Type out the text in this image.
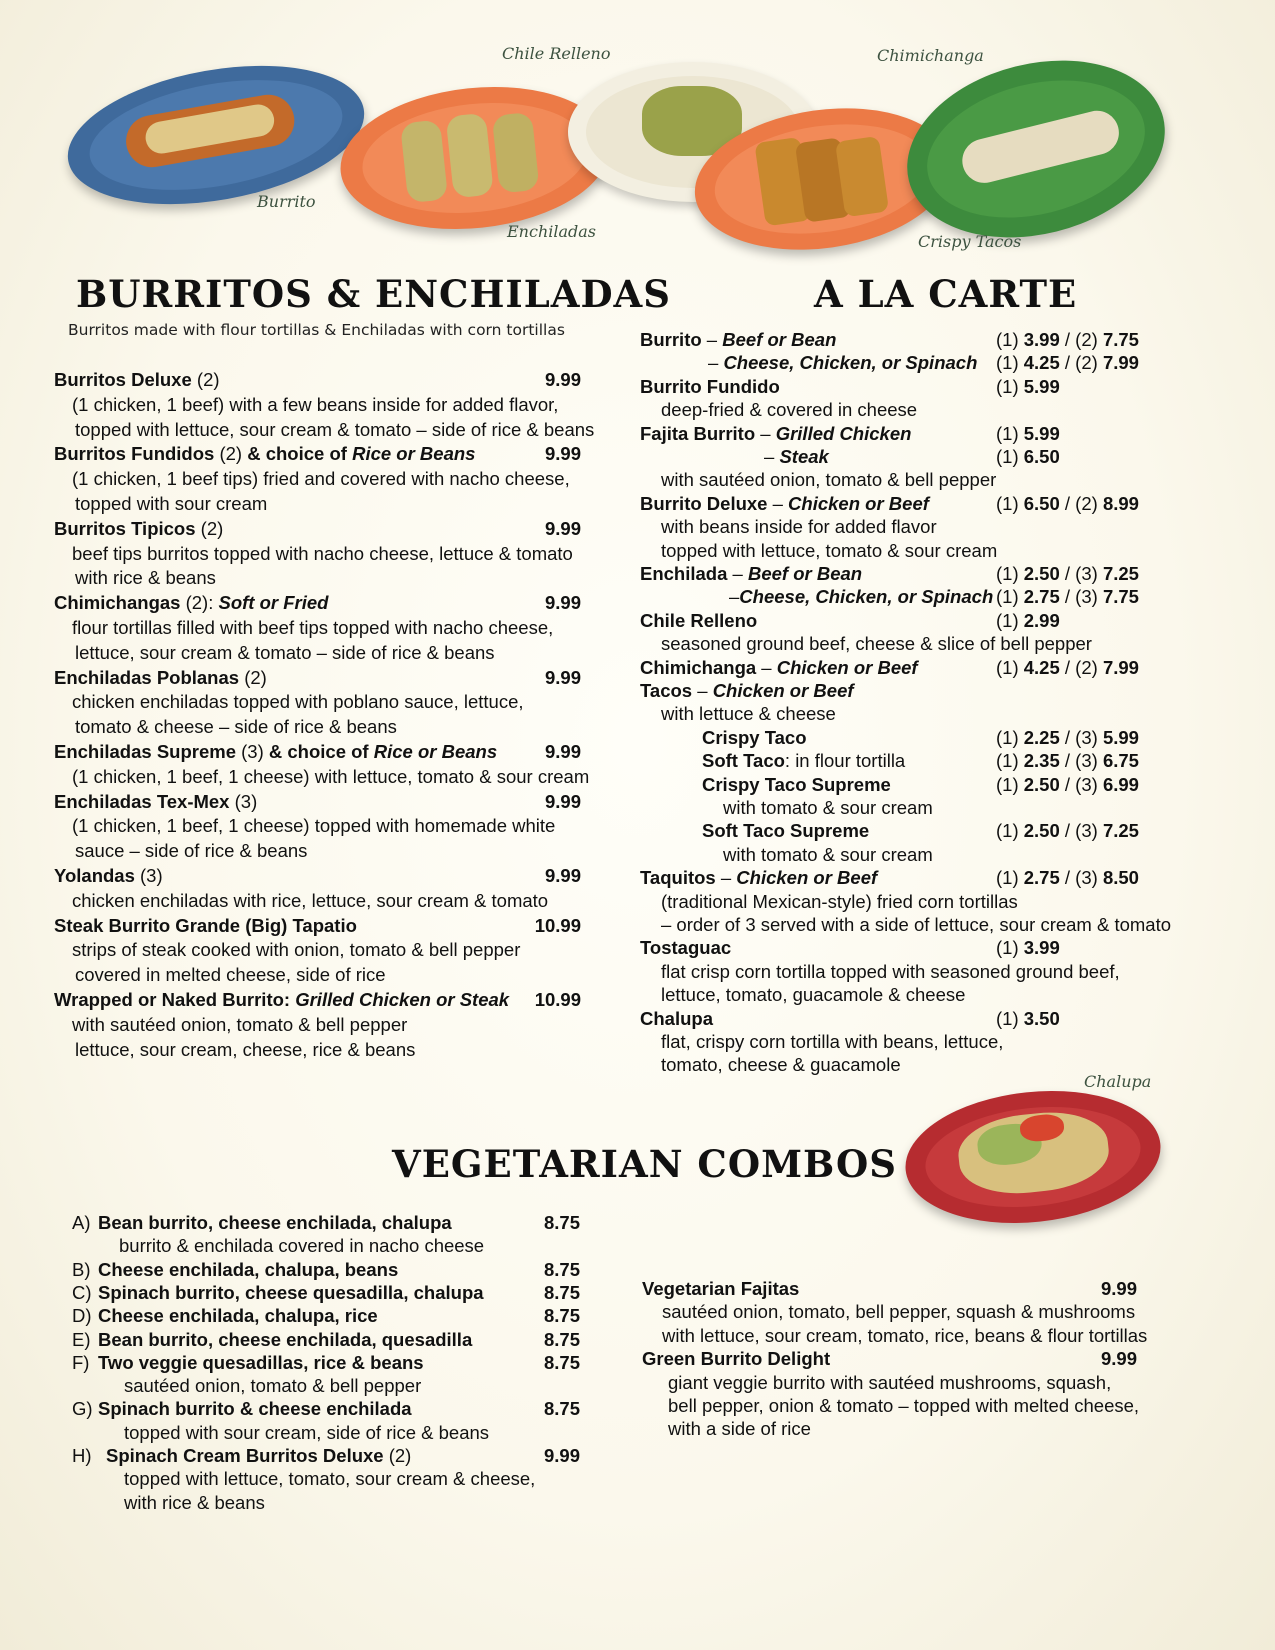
Chile Relleno	Chimichanga
Burrito
Enchiladas
Crispy Tacos
BURRITOS & ENCHILADAS
Burritos made with flour tortillas & Enchiladas with corn tortillas
Burritos Deluxe (2)	9.99
(1 chicken, 1 beef) with a few beans inside for added flavor,
topped with lettuce, sour cream & tomato – side of rice & beans
Burritos Fundidos (2) & choice of Rice or Beans	9.99
(1 chicken, 1 beef tips) fried and covered with nacho cheese,
topped with sour cream
Burritos Tipicos (2)	9.99
beef tips burritos topped with nacho cheese, lettuce & tomato
with rice & beans
Chimichangas (2): Soft or Fried	9.99
flour tortillas filled with beef tips topped with nacho cheese,
lettuce, sour cream & tomato – side of rice & beans
Enchiladas Poblanas (2)	9.99
chicken enchiladas topped with poblano sauce, lettuce,
tomato & cheese – side of rice & beans
Enchiladas Supreme (3) & choice of Rice or Beans	9.99
(1 chicken, 1 beef, 1 cheese) with lettuce, tomato & sour cream
Enchiladas Tex-Mex (3)	9.99
(1 chicken, 1 beef, 1 cheese) topped with homemade white
sauce – side of rice & beans
Yolandas (3)	9.99
chicken enchiladas with rice, lettuce, sour cream & tomato
Steak Burrito Grande (Big) Tapatio	10.99
strips of steak cooked with onion, tomato & bell pepper
covered in melted cheese, side of rice
Wrapped or Naked Burrito: Grilled Chicken or Steak 10.99
with sautéed onion, tomato & bell pepper
lettuce, sour cream, cheese, rice & beans
A LA CARTE
Burrito – Beef or Bean	(1) 3.99 / (2) 7.75
– Cheese, Chicken, or Spinach (1) 4.25 / (2) 7.99
Burrito Fundido	(1) 5.99
deep-fried & covered in cheese
Fajita Burrito – Grilled Chicken	(1) 5.99
– Steak	(1) 6.50
with sautéed onion, tomato & bell pepper
Burrito Deluxe – Chicken or Beef	(1) 6.50 / (2) 8.99
with beans inside for added flavor
topped with lettuce, tomato & sour cream
Enchilada – Beef or Bean	(1) 2.50 / (3) 7.25
–Cheese, Chicken, or Spinach (1) 2.75 / (3) 7.75
Chile Relleno	(1) 2.99
seasoned ground beef, cheese & slice of bell pepper
Chimichanga – Chicken or Beef	(1) 4.25 / (2) 7.99
Tacos – Chicken or Beef
with lettuce & cheese
Crispy Taco	(1) 2.25 / (3) 5.99
Soft Taco: in flour tortilla	(1) 2.35 / (3) 6.75
Crispy Taco Supreme	(1) 2.50 / (3) 6.99
with tomato & sour cream
Soft Taco Supreme	(1) 2.50 / (3) 7.25
with tomato & sour cream
Taquitos – Chicken or Beef	(1) 2.75 / (3) 8.50
(traditional Mexican-style) fried corn tortillas
– order of 3 served with a side of lettuce, sour cream & tomato
Tostaguac	(1) 3.99
flat crisp corn tortilla topped with seasoned ground beef,
lettuce, tomato, guacamole & cheese
Chalupa	(1) 3.50
flat, crispy corn tortilla with beans, lettuce,
tomato, cheese & guacamole
Chalupa
VEGETARIAN COMBOS
A) Bean burrito, cheese enchilada, chalupa	8.75
burrito & enchilada covered in nacho cheese
B) Cheese enchilada, chalupa, beans	8.75
C) Spinach burrito, cheese quesadilla, chalupa	8.75
D) Cheese enchilada, chalupa, rice	8.75
E) Bean burrito, cheese enchilada, quesadilla	8.75
F) Two veggie quesadillas, rice & beans	8.75
sautéed onion, tomato & bell pepper
G) Spinach burrito & cheese enchilada	8.75
topped with sour cream, side of rice & beans
H) Spinach Cream Burritos Deluxe (2)	9.99
topped with lettuce, tomato, sour cream & cheese,
with rice & beans
Vegetarian Fajitas	9.99
sautéed onion, tomato, bell pepper, squash & mushrooms
with lettuce, sour cream, tomato, rice, beans & flour tortillas
Green Burrito Delight	9.99
giant veggie burrito with sautéed mushrooms, squash,
bell pepper, onion & tomato – topped with melted cheese,
with a side of rice
